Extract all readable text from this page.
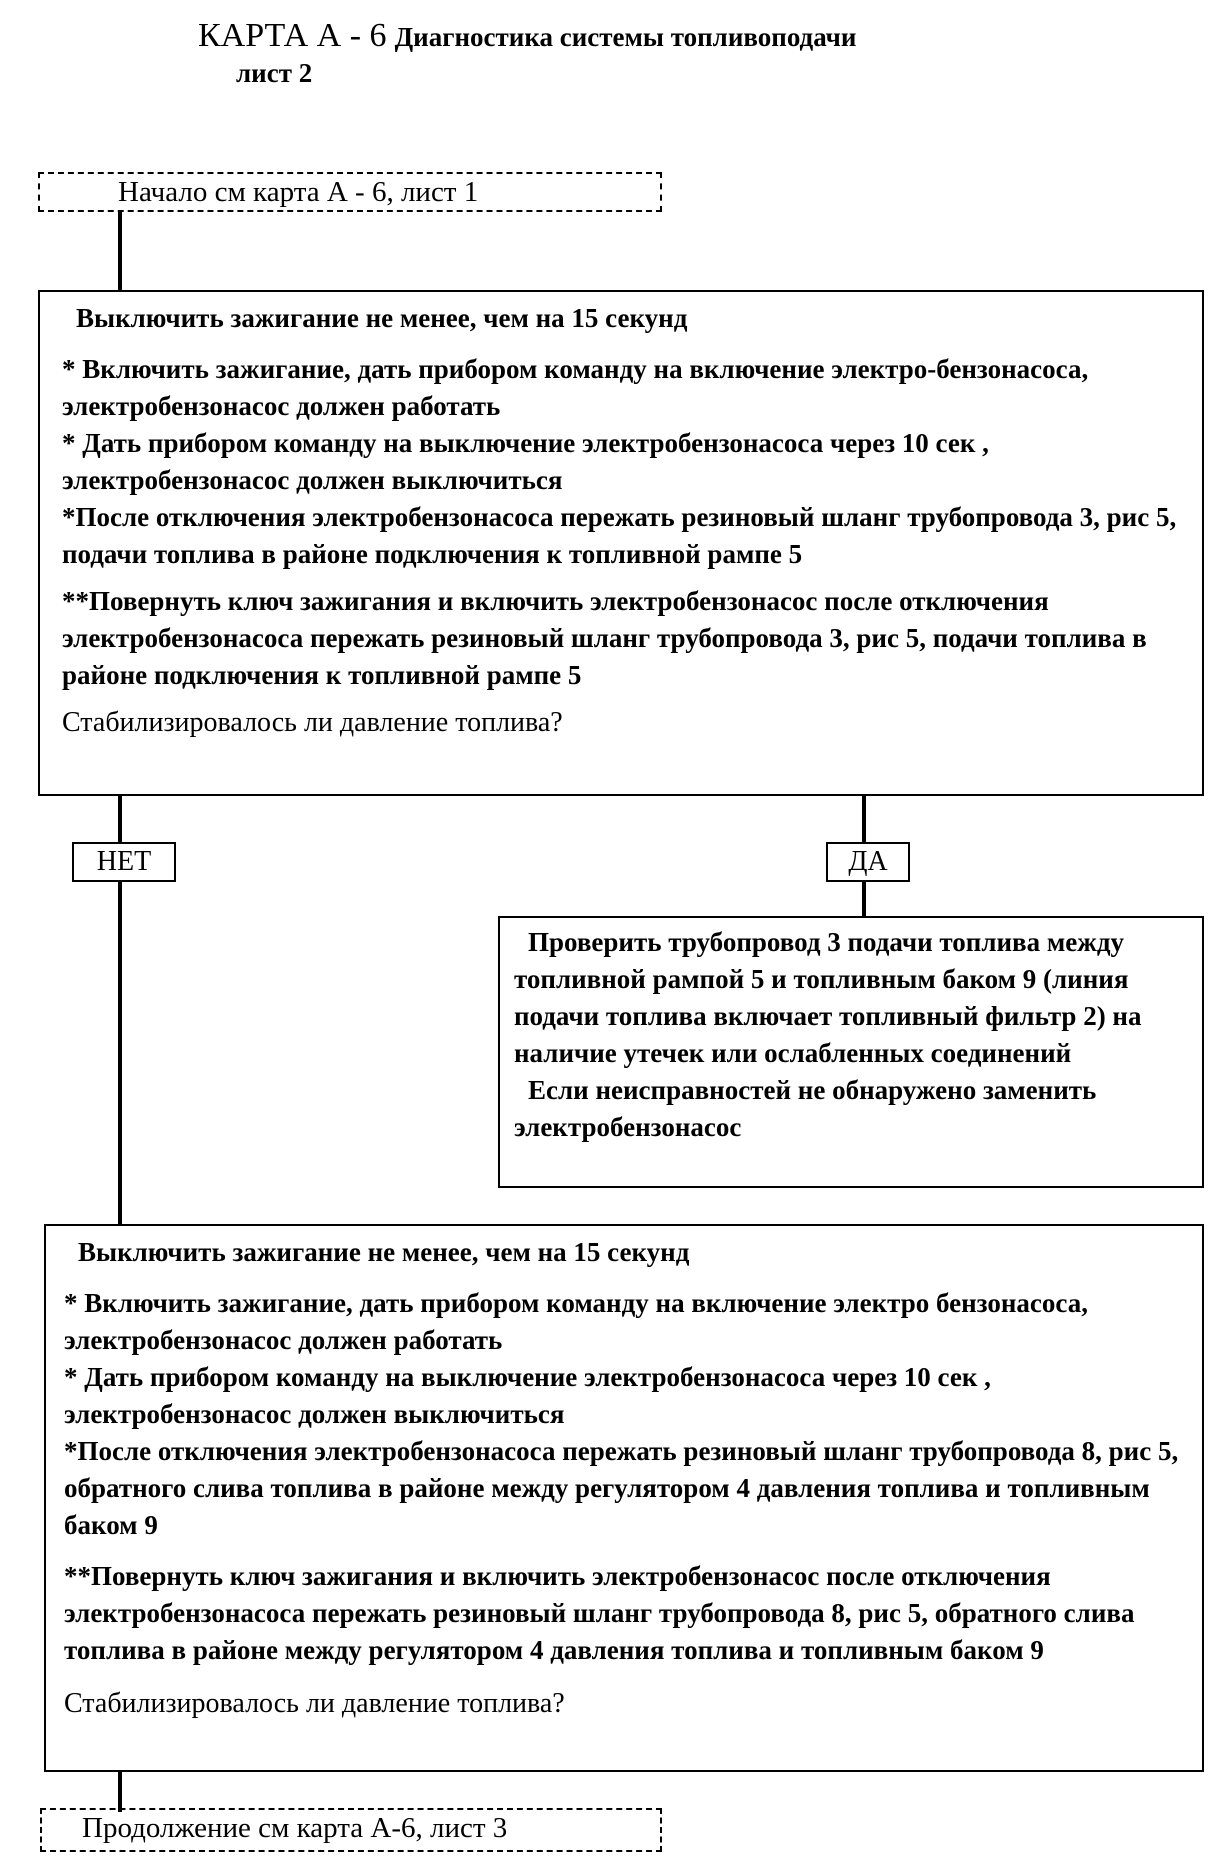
КАРТА А - 6 Диагностика системы топливоподачи
лист 2
Начало см карта А - 6, лист 1

Выключить зажигание не менее, чем на 15 секунд

* Включить зажигание, дать прибором команду на включение электро-бензонасоса, электробензонасос должен работать

* Дать прибором команду на выключение электробензонасоса через 10 сек , электробензонасос должен выключиться

*После отключения электробензонасоса пережать резиновый шланг трубопровода 3, рис 5, подачи топлива в районе подключения к топливной рампе 5

**Повернуть ключ зажигания и включить электробензонасос после отключения электробензонасоса пережать резиновый шланг трубопровода 3, рис 5, подачи топлива в районе подключения к топливной рампе 5

Стабилизировалось ли давление топлива?

НЕТ	ДА

Проверить трубопровод 3 подачи топлива между топливной рампой 5 и топливным баком 9 (линия подачи топлива включает топливный фильтр 2) на наличие утечек или ослабленных соединений

Если неисправностей не обнаружено заменить электробензонасос

Выключить зажигание не менее, чем на 15 секунд

* Включить зажигание, дать прибором команду на включение электро бензонасоса, электробензонасос должен работать

* Дать прибором команду на выключение электробензонасоса через 10 сек , электробензонасос должен выключиться

*После отключения электробензонасоса пережать резиновый шланг трубопровода 8, рис 5, обратного слива топлива в районе между регулятором 4 давления топлива и топливным баком 9

**Повернуть ключ зажигания и включить электробензонасос после отключения электробензонасоса пережать резиновый шланг трубопровода 8, рис 5, обратного слива топлива в районе между регулятором 4 давления топлива и топливным баком 9

Стабилизировалось ли давление топлива?

Продолжение см карта А-6, лист 3
